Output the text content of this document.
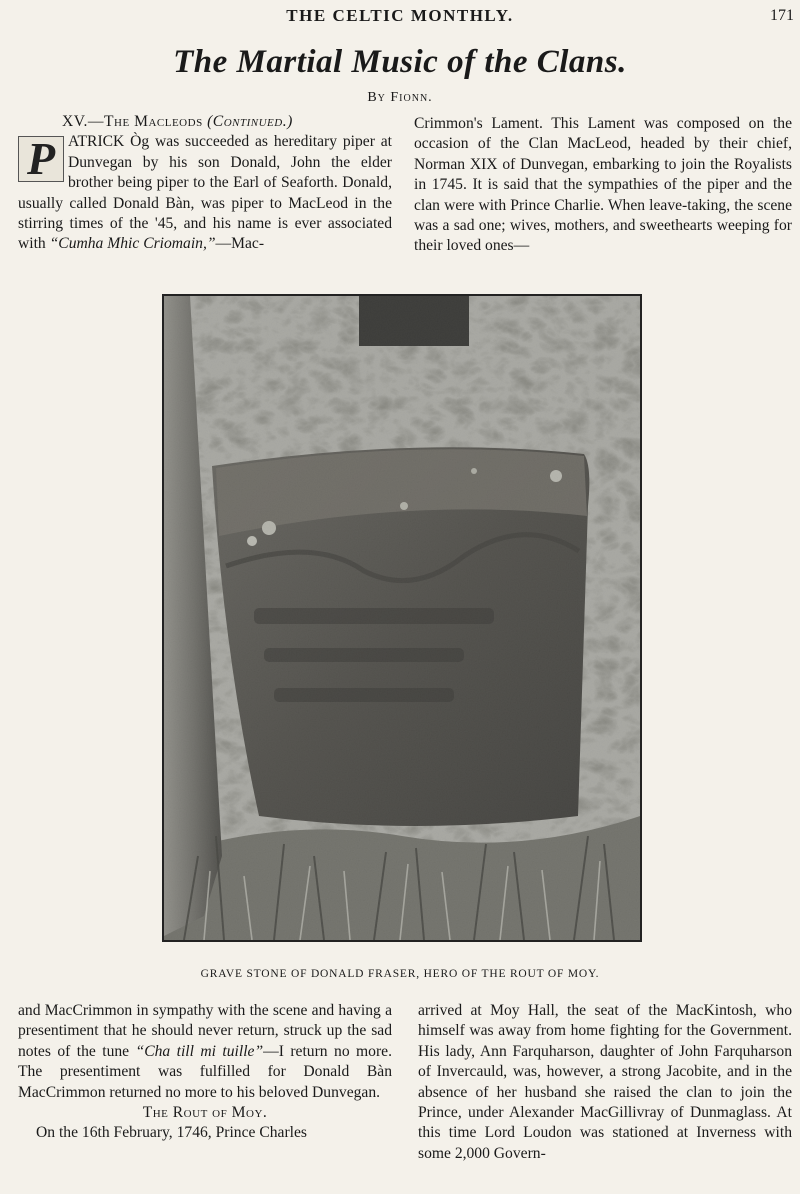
THE CELTIC MONTHLY.	171
The Martial Music of the Clans.
By Fionn.

XV.—The Macleods (Continued.)

P ATRICK Òg was succeeded as hereditary piper at Dunvegan by his son Donald, John the elder brother being piper to the Earl of Seaforth. Donald, usually called Donald Bàn, was piper to MacLeod in the stirring times of the '45, and his name is ever associated with “Cumha Mhic Criomain,”—Mac-

Crimmon's Lament. This Lament was composed on the occasion of the Clan MacLeod, headed by their chief, Norman XIX of Dunvegan, embarking to join the Royalists in 1745. It is said that the sympathies of the piper and the clan were with Prince Charlie. When leave-taking, the scene was a sad one; wives, mothers, and sweethearts weeping for their loved ones—

GRAVE STONE OF DONALD FRASER, HERO OF THE ROUT OF MOY.

and MacCrimmon in sympathy with the scene and having a presentiment that he should never return, struck up the sad notes of the tune “Cha till mi tuille”—I return no more. The presentiment was fulfilled for Donald Bàn MacCrimmon returned no more to his beloved Dunvegan.

The Rout of Moy.

On the 16th February, 1746, Prince Charles

arrived at Moy Hall, the seat of the MacKintosh, who himself was away from home fighting for the Government. His lady, Ann Farquharson, daughter of John Farquharson of Invercauld, was, however, a strong Jacobite, and in the absence of her husband she raised the clan to join the Prince, under Alexander MacGillivray of Dunmaglass. At this time Lord Loudon was stationed at Inverness with some 2,000 Govern-
